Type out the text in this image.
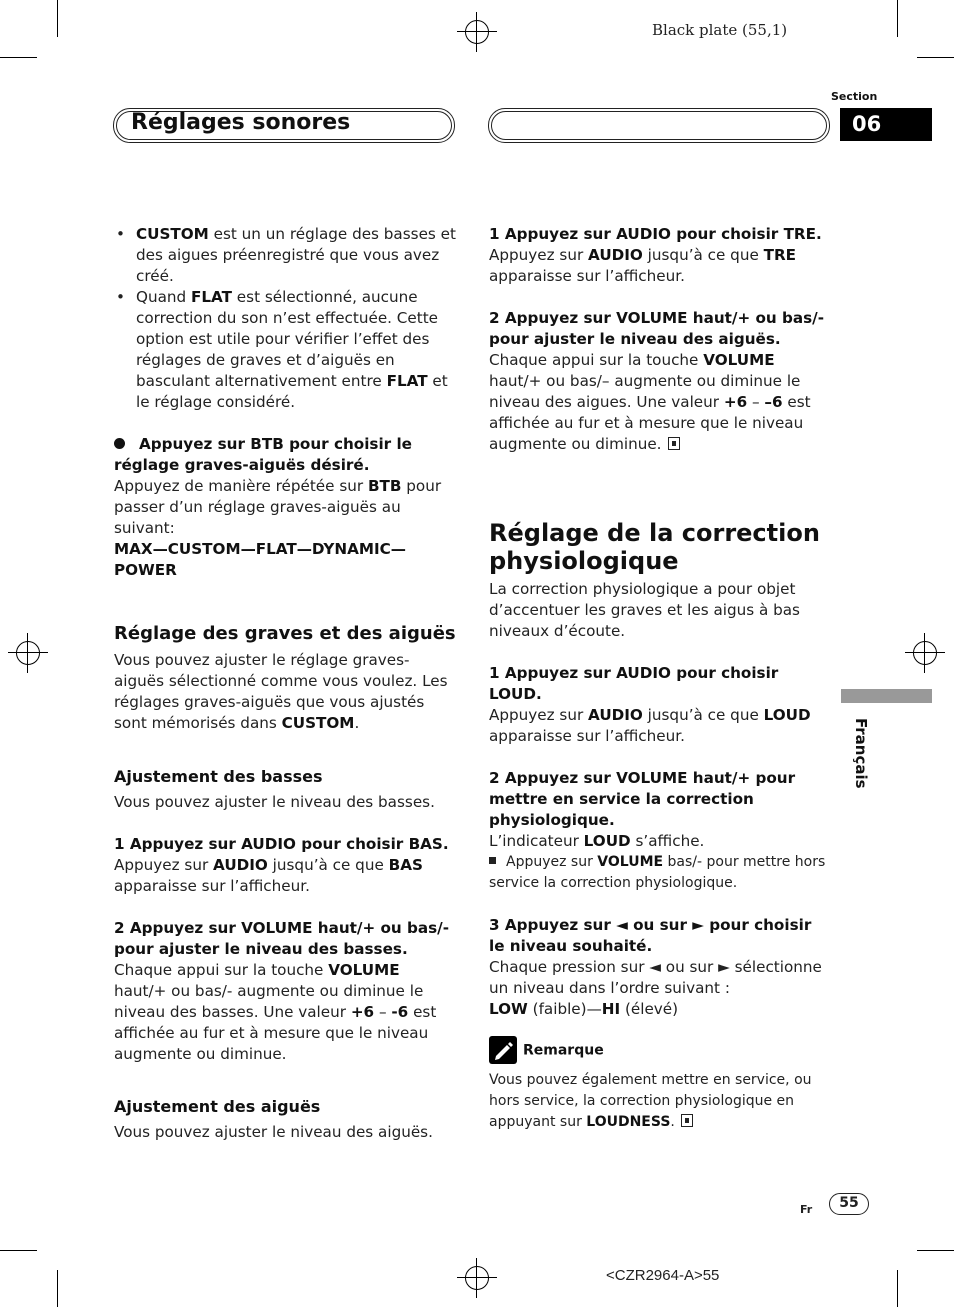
Black plate (55,1)
Réglages sonores
Section
06

• CUSTOM est un un réglage des basses et des aigues préenregistré que vous avez créé.

• Quand FLAT est sélectionné, aucune correction du son n’est effectuée. Cette option est utile pour vérifier l’effet des réglages de graves et d’aiguës en basculant alternativement entre FLAT et le réglage considéré.

Appuyez sur BTB pour choisir le réglage graves-aiguës désiré.

Appuyez de manière répétée sur BTB pour passer d’un réglage graves-aiguës au suivant:

MAX—CUSTOM—FLAT—DYNAMIC—POWER

Réglage des graves et des aiguës

Vous pouvez ajuster le réglage graves-aiguës sélectionné comme vous voulez. Les réglages graves-aiguës que vous ajustés sont mémorisés dans CUSTOM.

Ajustement des basses

Vous pouvez ajuster le niveau des basses.

1 Appuyez sur AUDIO pour choisir BAS.

Appuyez sur AUDIO jusqu’à ce que BAS apparaisse sur l’afficheur.

2 Appuyez sur VOLUME haut/+ ou bas/- pour ajuster le niveau des basses.

Chaque appui sur la touche VOLUME haut/+ ou bas/- augmente ou diminue le niveau des basses. Une valeur +6 – -6 est affichée au fur et à mesure que le niveau augmente ou diminue.

Ajustement des aiguës

Vous pouvez ajuster le niveau des aiguës.

1 Appuyez sur AUDIO pour choisir TRE.

Appuyez sur AUDIO jusqu’à ce que TRE apparaisse sur l’afficheur.

2 Appuyez sur VOLUME haut/+ ou bas/- pour ajuster le niveau des aiguës.

Chaque appui sur la touche VOLUME haut/+ ou bas/– augmente ou diminue le niveau des aigues. Une valeur +6 – –6 est affichée au fur et à mesure que le niveau augmente ou diminue.

Réglage de la correction physiologique

La correction physiologique a pour objet d’accentuer les graves et les aigus à bas niveaux d’écoute.

1 Appuyez sur AUDIO pour choisir LOUD.

Appuyez sur AUDIO jusqu’à ce que LOUD apparaisse sur l’afficheur.

2 Appuyez sur VOLUME haut/+ pour mettre en service la correction physiologique.

L’indicateur LOUD s’affiche.

Appuyez sur VOLUME bas/- pour mettre hors service la correction physiologique.

3 Appuyez sur ◄ ou sur ► pour choisir le niveau souhaité.

Chaque pression sur ◄ ou sur ► sélectionne un niveau dans l’ordre suivant :

LOW (faible)—HI (élevé)

Remarque

Vous pouvez également mettre en service, ou hors service, la correction physiologique en appuyant sur LOUDNESS.

Français
Fr	55
<CZR2964-A>55
